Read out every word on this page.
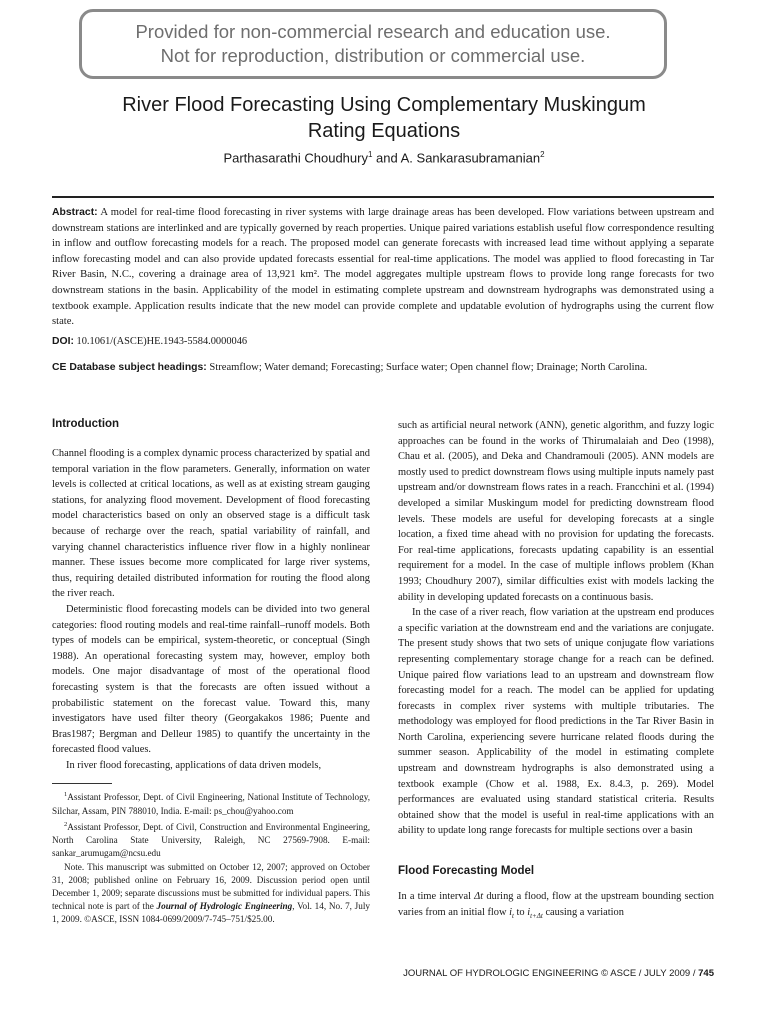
Provided for non-commercial research and education use.
Not for reproduction, distribution or commercial use.
River Flood Forecasting Using Complementary Muskingum
Rating Equations
Parthasarathi Choudhury$^1$ and A. Sankarasubramanian$^2$

Abstract: A model for real-time flood forecasting in river systems with large drainage areas has been developed. Flow variations between upstream and downstream stations are interlinked and are typically governed by reach properties. Unique paired variations establish useful flow correspondence resulting in inflow and outflow forecasting models for a reach. The proposed model can generate forecasts with increased lead time without applying a separate inflow forecasting model and can also provide updated forecasts essential for real-time applications. The model was applied to flood forecasting in Tar River Basin, N.C., covering a drainage area of 13,921 km². The model aggregates multiple upstream flows to provide long range forecasts for two downstream stations in the basin. Applicability of the model in estimating complete upstream and downstream hydrographs was demonstrated using a textbook example. Application results indicate that the new model can provide complete and updatable evolution of hydrographs using the current flow state.

DOI: 10.1061/(ASCE)HE.1943-5584.0000046

CE Database subject headings: Streamflow; Water demand; Forecasting; Surface water; Open channel flow; Drainage; North Carolina.

Introduction

Channel flooding is a complex dynamic process characterized by spatial and temporal variation in the flow parameters. Generally, information on water levels is collected at critical locations, as well as at existing stream gauging stations, for analyzing flood movement. Development of flood forecasting model characteristics based on only an observed stage is a difficult task because of recharge over the reach, spatial variability of rainfall, and varying channel characteristics influence river flow in a highly nonlinear manner. These issues become more complicated for large river systems, thus, requiring detailed distributed information for routing the flood along the river reach.

Deterministic flood forecasting models can be divided into two general categories: flood routing models and real-time rainfall–runoff models. Both types of models can be empirical, system-theoretic, or conceptual (Singh 1988). An operational forecasting system may, however, employ both models. One major disadvantage of most of the operational flood forecasting system is that the forecasts are often issued without a probabilistic statement on the forecast value. Toward this, many investigators have used filter theory (Georgakakos 1986; Puente and Bras1987; Bergman and Delleur 1985) to quantify the uncertainty in the forecasted flood values.

In river flood forecasting, applications of data driven models,

$^1$Assistant Professor, Dept. of Civil Engineering, National Institute of Technology, Silchar, Assam, PIN 788010, India. E-mail: ps_chou@yahoo.com

$^2$Assistant Professor, Dept. of Civil, Construction and Environmental Engineering, North Carolina State University, Raleigh, NC 27569-7908. E-mail: sankar_arumugam@ncsu.edu

Note. This manuscript was submitted on October 12, 2007; approved on October 31, 2008; published online on February 16, 2009. Discussion period open until December 1, 2009; separate discussions must be submitted for individual papers. This technical note is part of the Journal of Hydrologic Engineering, Vol. 14, No. 7, July 1, 2009. ©ASCE, ISSN 1084-0699/2009/7-745–751/$25.00.

such as artificial neural network (ANN), genetic algorithm, and fuzzy logic approaches can be found in the works of Thirumalaiah and Deo (1998), Chau et al. (2005), and Deka and Chandramouli (2005). ANN models are mostly used to predict downstream flows using multiple inputs namely past upstream and/or downstream flows rates in a reach. Francchini et al. (1994) developed a similar Muskingum model for predicting downstream flood levels. These models are useful for developing forecasts at a single location, a fixed time ahead with no provision for updating the forecasts. For real-time applications, forecasts updating capability is an essential requirement for a model. In the case of multiple inflows problem (Khan 1993; Choudhury 2007), similar difficulties exist with models lacking the ability in developing updated forecasts on a continuous basis.

In the case of a river reach, flow variation at the upstream end produces a specific variation at the downstream end and the variations are conjugate. The present study shows that two sets of unique conjugate flow variations representing complementary storage change for a reach can be defined. Unique paired flow variations lead to an upstream and downstream flow forecasting model for a reach. The model can be applied for updating forecasts in complex river systems with multiple tributaries. The methodology was employed for flood predictions in the Tar River Basin in North Carolina, experiencing severe hurricane related floods during the summer season. Applicability of the model in estimating complete upstream and downstream hydrographs is also demonstrated using a textbook example (Chow et al. 1988, Ex. 8.4.3, p. 269). Model performances are evaluated using standard statistical criteria. Results obtained show that the model is useful in real-time applications with an ability to update long range forecasts for multiple sections over a basin

Flood Forecasting Model

In a time interval Δt during a flood, flow at the upstream bounding section varies from an initial flow $i_t$ to $i_{t+\Delta t}$ causing a variation

JOURNAL OF HYDROLOGIC ENGINEERING © ASCE / JULY 2009 / 745
